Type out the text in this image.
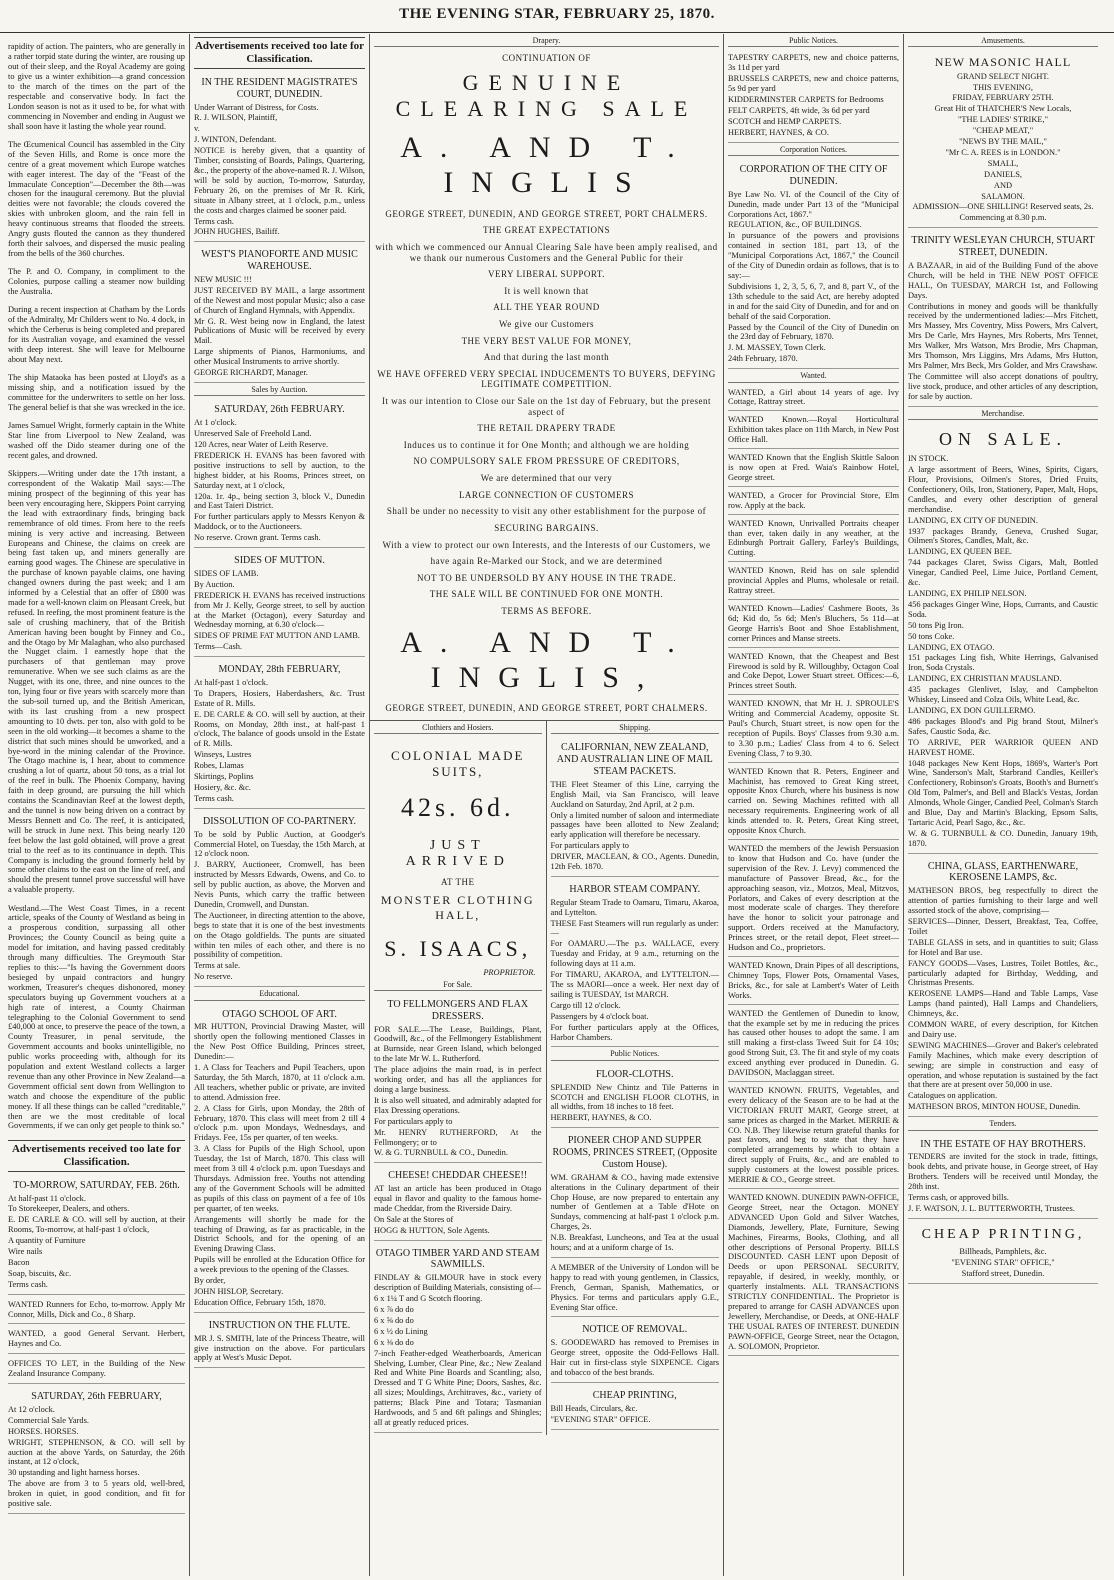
THE EVENING STAR, FEBRUARY 25, 1870.

rapidity of action. The painters, who are generally in a rather torpid state during the winter, are rousing up out of their sleep, and the Royal Academy are going to give us a winter exhibition—a grand concession to the march of the times on the part of the respectable and conservative body. In fact the London season is not as it used to be, for what with commencing in November and ending in August we shall soon have it lasting the whole year round.

The Œcumenical Council has assembled in the City of the Seven Hills, and Rome is once more the centre of a great movement which Europe watches with eager interest. The day of the "Feast of the Immaculate Conception"—December the 8th—was chosen for the inaugural ceremony. But the pluvial deities were not favorable; the clouds covered the skies with unbroken gloom, and the rain fell in heavy continuous streams that flooded the streets. Angry gusts flouted the cannon as they thundered forth their salvoes, and dispersed the music pealing from the bells of the 360 churches.

The P. and O. Company, in compliment to the Colonies, purpose calling a steamer now building the Australia.

During a recent inspection at Chatham by the Lords of the Admiralty, Mr Childers went to No. 4 dock, in which the Cerberus is being completed and prepared for its Australian voyage, and examined the vessel with deep interest. She will leave for Melbourne about May next.

The ship Mataoka has been posted at Lloyd's as a missing ship, and a notification issued by the committee for the underwriters to settle on her loss. The general belief is that she was wrecked in the ice.

James Samuel Wright, formerly captain in the White Star line from Liverpool to New Zealand, was washed off the Dido steamer during one of the recent gales, and drowned.

Skippers.—Writing under date the 17th instant, a correspondent of the Wakatip Mail says:—The mining prospect of the beginning of this year has been very encouraging here, Skippers Point carrying the lead with extraordinary finds, bringing back remembrance of old times. From here to the reefs mining is very active and increasing. Between Europeans and Chinese, the claims on creek are being fast taken up, and miners generally are earning good wages. The Chinese are speculative in the purchase of known payable claims, one having changed owners during the past week; and I am informed by a Celestial that an offer of £800 was made for a well-known claim on Pleasant Creek, but refused. In reefing, the most prominent feature is the sale of crushing machinery, that of the British American having been bought by Finney and Co., and the Otago by Mr Malaghan, who also purchased the Nugget claim. I earnestly hope that the purchasers of that gentleman may prove remunerative. When we see such claims as are the Nugget, with its one, three, and nine ounces to the ton, lying four or five years with scarcely more than the sub-soil turned up, and the British American, with its last crushing from a new prospect amounting to 10 dwts. per ton, also with gold to be seen in the old working—it becomes a shame to the district that such mines should be unworked, and a bye-word in the mining calendar of the Province. The Otago machine is, I hear, about to commence crushing a lot of quartz, about 50 tons, as a trial lot of the reef in bulk. The Phoenix Company, having faith in deep ground, are pursuing the hill which contains the Scandinavian Reef at the lowest depth, and the tunnel is now being driven on a contract by Messrs Bennett and Co. The reef, it is anticipated, will be struck in June next. This being nearly 120 feet below the last gold obtained, will prove a great trial to the reef as to its continuance in depth. This Company is including the ground formerly held by some other claims to the east on the line of reef, and should the present tunnel prove successful will have a valuable property.

Westland.—The West Coast Times, in a recent article, speaks of the County of Westland as being in a prosperous condition, surpassing all other Provinces; the County Council as being quite a model for imitation, and having passed creditably through many difficulties. The Greymouth Star replies to this:—"Is having the Government doors besieged by unpaid contractors and hungry workmen, Treasurer's cheques dishonored, money speculators buying up Government vouchers at a high rate of interest, a County Chairman telegraphing to the Colonial Government to send £40,000 at once, to preserve the peace of the town, a County Treasurer, in penal servitude, the Government accounts and books unintelligible, no public works proceeding with, although for its population and extent Westland collects a larger revenue than any other Province in New Zealand—a Government official sent down from Wellington to watch and choose the expenditure of the public money. If all these things can be called "creditable," then are we the most creditable of local Governments, if we can only get people to think so."

Advertisements received too late for Classification.
TO-MORROW, SATURDAY, FEB. 26th.

At half-past 11 o'clock.

To Storekeeper, Dealers, and others.

E. DE CARLE & CO. will sell by auction, at their Rooms, To-morrow, at half-past 1 o'clock,

A quantity of Furniture

Wire nails

Bacon

Soap, biscuits, &c.

Terms cash.

WANTED Runners for Echo, to-morrow. Apply Mr Connor, Mills, Dick and Co., 8 Sharp.

WANTED, a good General Servant. Herbert, Haynes and Co.

OFFICES TO LET, in the Building of the New Zealand Insurance Company.

SATURDAY, 26th FEBRUARY,

At 12 o'clock.

Commercial Sale Yards.

HORSES. HORSES.

WRIGHT, STEPHENSON, & CO. will sell by auction at the above Yards, on Saturday, the 26th instant, at 12 o'clock,

30 upstanding and light harness horses.

The above are from 3 to 5 years old, well-bred, broken in quiet, in good condition, and fit for positive sale.

Advertisements received too late for Classification.
IN THE RESIDENT MAGISTRATE'S COURT, DUNEDIN.

Under Warrant of Distress, for Costs.

R. J. WILSON, Plaintiff,

v.

J. WINTON, Defendant.

NOTICE is hereby given, that a quantity of Timber, consisting of Boards, Palings, Quartering, &c., the property of the above-named R. J. Wilson, will be sold by auction, To-morrow, Saturday, February 26, on the premises of Mr R. Kirk, situate in Albany street, at 1 o'clock, p.m., unless the costs and charges claimed be sooner paid.

Terms cash.

JOHN HUGHES, Bailiff.

WEST'S PIANOFORTE AND MUSIC WAREHOUSE.

NEW MUSIC !!!

JUST RECEIVED BY MAIL, a large assortment of the Newest and most popular Music; also a case of Church of England Hymnals, with Appendix.

Mr G. R. West being now in England, the latest Publications of Music will be received by every Mail.

Large shipments of Pianos, Harmoniums, and other Musical Instruments to arrive shortly.

GEORGE RICHARDT, Manager.

Sales by Auction.
SATURDAY, 26th FEBRUARY.

At 1 o'clock.

Unreserved Sale of Freehold Land.

120 Acres, near Water of Leith Reserve.

FREDERICK H. EVANS has been favored with positive instructions to sell by auction, to the highest bidder, at his Rooms, Princes street, on Saturday next, at 1 o'clock,

120a. 1r. 4p., being section 3, block V., Dunedin and East Taieri District.

For further particulars apply to Messrs Kenyon & Maddock, or to the Auctioneers.

No reserve. Crown grant. Terms cash.

SIDES OF MUTTON.

SIDES OF LAMB.

By Auction.

FREDERICK H. EVANS has received instructions from Mr J. Kelly, George street, to sell by auction at the Market (Octagon), every Saturday and Wednesday morning, at 6.30 o'clock—

SIDES OF PRIME FAT MUTTON AND LAMB.

Terms—Cash.

MONDAY, 28th FEBRUARY,

At half-past 1 o'clock.

To Drapers, Hosiers, Haberdashers, &c. Trust Estate of R. Mills.

E. DE CARLE & CO. will sell by auction, at their Rooms, on Monday, 28th inst., at half-past 1 o'clock, The balance of goods unsold in the Estate of R. Mills.

Winseys, Lustres

Robes, Llamas

Skirtings, Poplins

Hosiery, &c. &c.

Terms cash.

DISSOLUTION OF CO-PARTNERY.

To be sold by Public Auction, at Goodger's Commercial Hotel, on Tuesday, the 15th March, at 12 o'clock noon.

J. BARRY, Auctioneer, Cromwell, has been instructed by Messrs Edwards, Owens, and Co. to sell by public auction, as above, the Morven and Nevis Punts, which carry the traffic between Dunedin, Cromwell, and Dunstan.

The Auctioneer, in directing attention to the above, begs to state that it is one of the best investments on the Otago goldfields. The punts are situated within ten miles of each other, and there is no possibility of competition.

Terms at sale.

No reserve.

Educational.
OTAGO SCHOOL OF ART.

MR HUTTON, Provincial Drawing Master, will shortly open the following mentioned Classes in the New Post Office Building, Princes street, Dunedin:—

1. A Class for Teachers and Pupil Teachers, upon Saturday, the 5th March, 1870, at 11 o'clock a.m. All teachers, whether public or private, are invited to attend. Admission free.

2. A Class for Girls, upon Monday, the 28th of February, 1870. This class will meet from 2 till 4 o'clock p.m. upon Mondays, Wednesdays, and Fridays. Fee, 15s per quarter, of ten weeks.

3. A Class for Pupils of the High School, upon Tuesday, the 1st of March, 1870. This class will meet from 3 till 4 o'clock p.m. upon Tuesdays and Thursdays. Admission free. Youths not attending any of the Government Schools will be admitted as pupils of this class on payment of a fee of 10s per quarter, of ten weeks.

Arrangements will shortly be made for the teaching of Drawing, as far as practicable, in the District Schools, and for the opening of an Evening Drawing Class.

Pupils will be enrolled at the Education Office for a week previous to the opening of the Classes.

By order,

JOHN HISLOP, Secretary.

Education Office, February 15th, 1870.

INSTRUCTION ON THE FLUTE.

MR J. S. SMITH, late of the Princess Theatre, will give instruction on the above. For particulars apply at West's Music Depot.

Drapery.
CONTINUATION OF
GENUINE CLEARING SALE
A. AND T. INGLIS
GEORGE STREET, DUNEDIN, AND GEORGE STREET, PORT CHALMERS.
THE GREAT EXPECTATIONS
with which we commenced our Annual Clearing Sale have been amply realised, and we thank our numerous Customers and the General Public for their
VERY LIBERAL SUPPORT.
It is well known that
ALL THE YEAR ROUND
We give our Customers
THE VERY BEST VALUE FOR MONEY,
And that during the last month
WE HAVE OFFERED VERY SPECIAL INDUCEMENTS TO BUYERS, DEFYING LEGITIMATE COMPETITION.
It was our intention to Close our Sale on the 1st day of February, but the present aspect of
THE RETAIL DRAPERY TRADE
Induces us to continue it for One Month; and although we are holding
NO COMPULSORY SALE FROM PRESSURE OF CREDITORS,
We are determined that our very
LARGE CONNECTION OF CUSTOMERS
Shall be under no necessity to visit any other establishment for the purpose of
SECURING BARGAINS.
With a view to protect our own Interests, and the Interests of our Customers, we
have again Re-Marked our Stock, and we are determined
NOT TO BE UNDERSOLD BY ANY HOUSE IN THE TRADE.
THE SALE WILL BE CONTINUED FOR ONE MONTH.
TERMS AS BEFORE.
A. AND T. INGLIS,
GEORGE STREET, DUNEDIN, AND GEORGE STREET, PORT CHALMERS.
Clothiers and Hosiers.
COLONIAL MADE SUITS,
42s. 6d.
JUST ARRIVED
AT THE
MONSTER CLOTHING HALL,
S. ISAACS,
PROPRIETOR.
For Sale.
TO FELLMONGERS AND FLAX DRESSERS.

FOR SALE.—The Lease, Buildings, Plant, Goodwill, &c., of the Fellmongery Establishment at Burnside, near Green Island, which belonged to the late Mr W. L. Rutherford.

The place adjoins the main road, is in perfect working order, and has all the appliances for doing a large business.

It is also well situated, and admirably adapted for Flax Dressing operations.

For particulars apply to

Mr. HENRY RUTHERFORD, At the Fellmongery; or to

W. & G. TURNBULL & CO., Dunedin.

CHEESE! CHEDDAR CHEESE!!

AT last an article has been produced in Otago equal in flavor and quality to the famous home-made Cheddar, from the Riverside Dairy.

On Sale at the Stores of

HOGG & HUTTON, Sole Agents.

OTAGO TIMBER YARD AND STEAM SAWMILLS.

FINDLAY & GILMOUR have in stock every description of Building Materials, consisting of—

6 x 1¼ T and G Scotch flooring.

6 x ⅞ do do

6 x ⅝ do do

6 x ½ do Lining

6 x ⅜ do do

7-inch Feather-edged Weatherboards, American Shelving, Lumber, Clear Pine, &c.; New Zealand Red and White Pine Boards and Scantling; also, Dressed and T G White Pine; Doors, Sashes, &c. all sizes; Mouldings, Architraves, &c., variety of patterns; Black Pine and Totara; Tasmanian Hardwoods, and 5 and 6ft palings and Shingles; all at greatly reduced prices.

Shipping.
CALIFORNIAN, NEW ZEALAND, AND AUSTRALIAN LINE OF MAIL STEAM PACKETS.

THE Fleet Steamer of this Line, carrying the English Mail, via San Francisco, will leave Auckland on Saturday, 2nd April, at 2 p.m.

Only a limited number of saloon and intermediate passages have been allotted to New Zealand; early application will therefore be necessary.

For particulars apply to

DRIVER, MACLEAN, & CO., Agents. Dunedin, 12th Feb. 1870.

HARBOR STEAM COMPANY.

Regular Steam Trade to Oamaru, Timaru, Akaroa, and Lyttelton.

THESE Fast Steamers will run regularly as under:—

For OAMARU.—The p.s. WALLACE, every Tuesday and Friday, at 9 a.m., returning on the following days at 11 a.m.

For TIMARU, AKAROA, and LYTTELTON.—The ss MAORI—once a week. Her next day of sailing is TUESDAY, 1st MARCH.

Cargo till 12 o'clock.

Passengers by 4 o'clock boat.

For further particulars apply at the Offices, Harbor Chambers.

Public Notices.
FLOOR-CLOTHS.

SPLENDID New Chintz and Tile Patterns in SCOTCH and ENGLISH FLOOR CLOTHS, in all widths, from 18 inches to 18 feet.

HERBERT, HAYNES, & CO.

PIONEER CHOP AND SUPPER ROOMS, PRINCES STREET, (Opposite Custom House).

WM. GRAHAM & CO., having made extensive alterations in the Culinary department of their Chop House, are now prepared to entertain any number of Gentlemen at a Table d'Hote on Sundays, commencing at half-past 1 o'clock p.m. Charges, 2s.

N.B. Breakfast, Luncheons, and Tea at the usual hours; and at a uniform charge of 1s.

A MEMBER of the University of London will be happy to read with young gentlemen, in Classics, French, German, Spanish, Mathematics, or Physics. For terms and particulars apply G.E., Evening Star office.

NOTICE OF REMOVAL.

S. GOODEWARD has removed to Premises in George street, opposite the Odd-Fellows Hall. Hair cut in first-class style SIXPENCE. Cigars and tobacco of the best brands.

CHEAP PRINTING,

Bill Heads, Circulars, &c.

"EVENING STAR" OFFICE.

Public Notices.

TAPESTRY CARPETS, new and choice patterns, 3s 11d per yard

BRUSSELS CARPETS, new and choice patterns, 5s 9d per yard

KIDDERMINSTER CARPETS for Bedrooms

FELT CARPETS, 4ft wide, 3s 6d per yard

SCOTCH and HEMP CARPETS.

HERBERT, HAYNES, & CO.

Corporation Notices.
CORPORATION OF THE CITY OF DUNEDIN.

Bye Law No. VI. of the Council of the City of Dunedin, made under Part 13 of the "Municipal Corporations Act, 1867."

REGULATION, &c., OF BUILDINGS.

In pursuance of the powers and provisions contained in section 181, part 13, of the "Municipal Corporations Act, 1867," the Council of the City of Dunedin ordain as follows, that is to say:—

Subdivisions 1, 2, 3, 5, 6, 7, and 8, part V., of the 13th schedule to the said Act, are hereby adopted in and for the said City of Dunedin, and for and on behalf of the said Corporation.

Passed by the Council of the City of Dunedin on the 23rd day of February, 1870.

J. M. MASSEY, Town Clerk.

24th February, 1870.

Wanted.
WANTED, a Girl about 14 years of age. Ivy Cottage, Rattray street.
WANTED Known.—Royal Horticultural Exhibition takes place on 11th March, in New Post Office Hall.
WANTED Known that the English Skittle Saloon is now open at Fred. Waia's Rainbow Hotel, George street.
WANTED, a Grocer for Provincial Store, Elm row. Apply at the back.
WANTED Known, Unrivalled Portraits cheaper than ever, taken daily in any weather, at the Edinburgh Portrait Gallery, Farley's Buildings, Cutting.
WANTED Known, Reid has on sale splendid provincial Apples and Plums, wholesale or retail. Rattray street.
WANTED Known—Ladies' Cashmere Boots, 3s 6d; Kid do, 5s 6d; Men's Bluchers, 5s 11d—at George Harris's Boot and Shoe Establishment, corner Princes and Manse streets.
WANTED Known, that the Cheapest and Best Firewood is sold by R. Willoughby, Octagon Coal and Coke Depot, Lower Stuart street. Offices:—6, Princes street South.
WANTED KNOWN, that Mr H. J. SPROULE'S Writing and Commercial Academy, opposite St. Paul's Church, Stuart street, is now open for the reception of Pupils. Boys' Classes from 9.30 a.m. to 3.30 p.m.; Ladies' Class from 4 to 6. Select Evening Class, 7 to 9.30.
WANTED Known that R. Peters, Engineer and Machinist, has removed to Great King street, opposite Knox Church, where his business is now carried on. Sewing Machines refitted with all necessary requirements. Engineering work of all kinds attended to. R. Peters, Great King street, opposite Knox Church.
WANTED the members of the Jewish Persuasion to know that Hudson and Co. have (under the supervision of the Rev. J. Levy) commenced the manufacture of Passover Bread, &c., for the approaching season, viz., Motzos, Meal, Mitzvos, Porlators, and Cakes of every description at the most moderate scale of charges. They therefore have the honor to solicit your patronage and support. Orders received at the Manufactory, Princes street, or the retail depot, Fleet street—Hudson and Co., proprietors.
WANTED Known, Drain Pipes of all descriptions, Chimney Tops, Flower Pots, Ornamental Vases, Bricks, &c., for sale at Lambert's Water of Leith Works.
WANTED the Gentlemen of Dunedin to know, that the example set by me in reducing the prices has caused other houses to adopt the same. I am still making a first-class Tweed Suit for £4 10s; good Strong Suit, £3. The fit and style of my coats exceed anything ever produced in Dunedin. G. DAVIDSON, Maclaggan street.
WANTED KNOWN. FRUITS, Vegetables, and every delicacy of the Season are to be had at the VICTORIAN FRUIT MART, George street, at same prices as charged in the Market. MERRIE & CO. N.B. They likewise return grateful thanks for past favors, and beg to state that they have completed arrangements by which to obtain a direct supply of Fruits, &c., and are enabled to supply customers at the lowest possible prices. MERRIE & CO., George street.
WANTED KNOWN. DUNEDIN PAWN-OFFICE, George Street, near the Octagon. MONEY ADVANCED Upon Gold and Silver Watches, Diamonds, Jewellery, Plate, Furniture, Sewing Machines, Firearms, Books, Clothing, and all other descriptions of Personal Property. BILLS DISCOUNTED. CASH LENT upon Deposit of Deeds or upon PERSONAL SECURITY, repayable, if desired, in weekly, monthly, or quarterly instalments. ALL TRANSACTIONS STRICTLY CONFIDENTIAL. The Proprietor is prepared to arrange for CASH ADVANCES upon Jewellery, Merchandise, or Deeds, at ONE-HALF THE USUAL RATES OF INTEREST. DUNEDIN PAWN-OFFICE, George Street, near the Octagon, A. SOLOMON, Proprietor.
Amusements.
NEW MASONIC HALL

GRAND SELECT NIGHT.

THIS EVENING,

FRIDAY, FEBRUARY 25TH.

Great Hit of THATCHER'S New Locals,

"THE LADIES' STRIKE,"

"CHEAP MEAT,"

"NEWS BY THE MAIL,"

"Mr C. A. REES is in LONDON."

SMALL,

DANIELS,

AND

SALAMON.

ADMISSION—ONE SHILLING! Reserved seats, 2s.

Commencing at 8.30 p.m.

TRINITY WESLEYAN CHURCH, STUART STREET, DUNEDIN.

A BAZAAR, in aid of the Building Fund of the above Church, will be held in THE NEW POST OFFICE HALL, On TUESDAY, MARCH 1st, and Following Days.

Contributions in money and goods will be thankfully received by the undermentioned ladies:—Mrs Fitchett, Mrs Massey, Mrs Coventry, Miss Powers, Mrs Calvert, Mrs De Carle, Mrs Haynes, Mrs Roberts, Mrs Tennet, Mrs Walker, Mrs Watson, Mrs Brodie, Mrs Chapman, Mrs Thomson, Mrs Liggins, Mrs Adams, Mrs Hutton, Mrs Palmer, Mrs Beck, Mrs Golder, and Mrs Crawshaw.

The Committee will also accept donations of poultry, live stock, produce, and other articles of any description, for sale by auction.

Merchandise.
ON SALE.

IN STOCK.

A large assortment of Beers, Wines, Spirits, Cigars, Flour, Provisions, Oilmen's Stores, Dried Fruits, Confectionery, Oils, Iron, Stationery, Paper, Malt, Hops, Candles, and every other description of general merchandise.

LANDING, EX CITY OF DUNEDIN.

1937 packages Brandy, Geneva, Crushed Sugar, Oilmen's Stores, Candles, Malt, &c.

LANDING, EX QUEEN BEE.

744 packages Claret, Swiss Cigars, Malt, Bottled Vinegar, Candied Peel, Lime Juice, Portland Cement, &c.

LANDING, EX PHILIP NELSON.

456 packages Ginger Wine, Hops, Currants, and Caustic Soda.

50 tons Pig Iron.

50 tons Coke.

LANDING, EX OTAGO.

151 packages Ling fish, White Herrings, Galvanised Iron, Soda Crystals.

LANDING, EX CHRISTIAN M'AUSLAND.

435 packages Glenlivet, Islay, and Campbelton Whiskey, Linseed and Colza Oils, White Lead, &c.

LANDING, EX DON GUILLERMO.

486 packages Blood's and Pig brand Stout, Milner's Safes, Caustic Soda, &c.

TO ARRIVE, PER WARRIOR QUEEN AND HARVEST HOME.

1048 packages New Kent Hops, 1869's, Warter's Port Wine, Sanderson's Malt, Starbrand Candles, Keiller's Confectionery, Robinson's Groats, Booth's and Burnett's Old Tom, Palmer's, and Bell and Black's Vestas, Jordan Almonds, Whole Ginger, Candied Peel, Colman's Starch and Blue, Day and Martin's Blacking, Epsom Salts, Tartaric Acid, Pearl Sago, &c., &c.

W. & G. TURNBULL & CO. Dunedin, January 19th, 1870.

CHINA, GLASS, EARTHENWARE, KEROSENE LAMPS, &c.

MATHESON BROS, beg respectfully to direct the attention of parties furnishing to their large and well assorted stock of the above, comprising—

SERVICES—Dinner, Dessert, Breakfast, Tea, Coffee, Toilet

TABLE GLASS in sets, and in quantities to suit; Glass for Hotel and Bar use.

FANCY GOODS—Vases, Lustres, Toilet Bottles, &c., particularly adapted for Birthday, Wedding, and Christmas Presents.

KEROSENE LAMPS—Hand and Table Lamps, Vase Lamps (hand painted), Hall Lamps and Chandeliers, Chimneys, &c.

COMMON WARE, of every description, for Kitchen and Dairy use.

SEWING MACHINES—Grover and Baker's celebrated Family Machines, which make every description of sewing; are simple in construction and easy of operation, and whose reputation is sustained by the fact that there are at present over 50,000 in use.

Catalogues on application.

MATHESON BROS, MINTON HOUSE, Dunedin.

Tenders.
IN THE ESTATE OF HAY BROTHERS.

TENDERS are invited for the stock in trade, fittings, book debts, and private house, in George street, of Hay Brothers. Tenders will be received until Monday, the 28th inst.

Terms cash, or approved bills.

J. F. WATSON, J. L. BUTTERWORTH, Trustees.

CHEAP PRINTING,

Billheads, Pamphlets, &c.

"EVENING STAR" OFFICE,"

Stafford street, Dunedin.
